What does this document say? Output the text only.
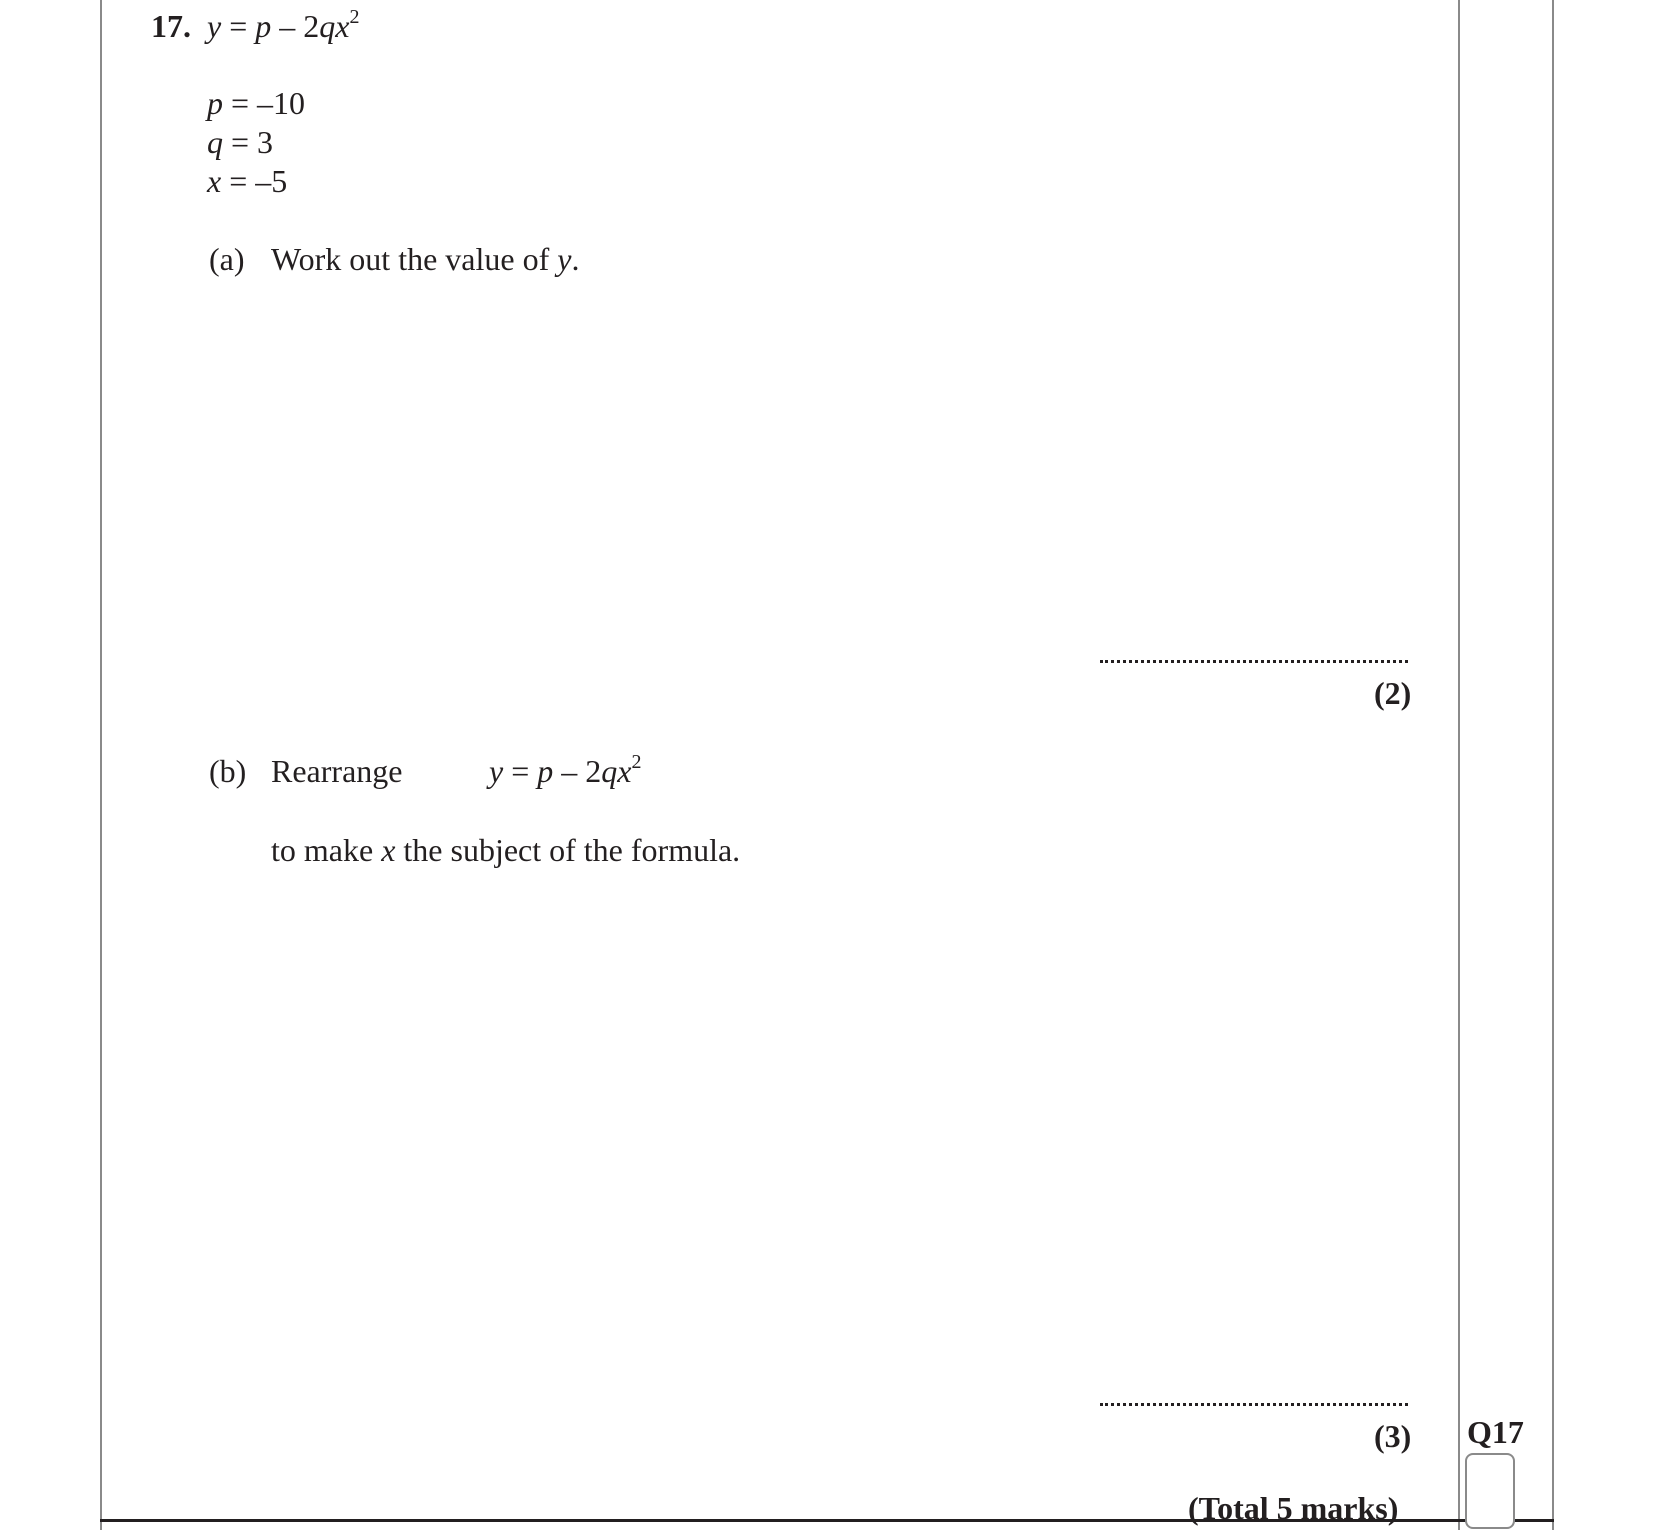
17. $y = p - 2qx^2$
p = –10
q = 3
x = –5
(a) Work out the value of y.
(2)
(b) Rearrange	$y = p - 2qx^2$
to make x the subject of the formula.
(3) Q17
(Total 5 marks)
